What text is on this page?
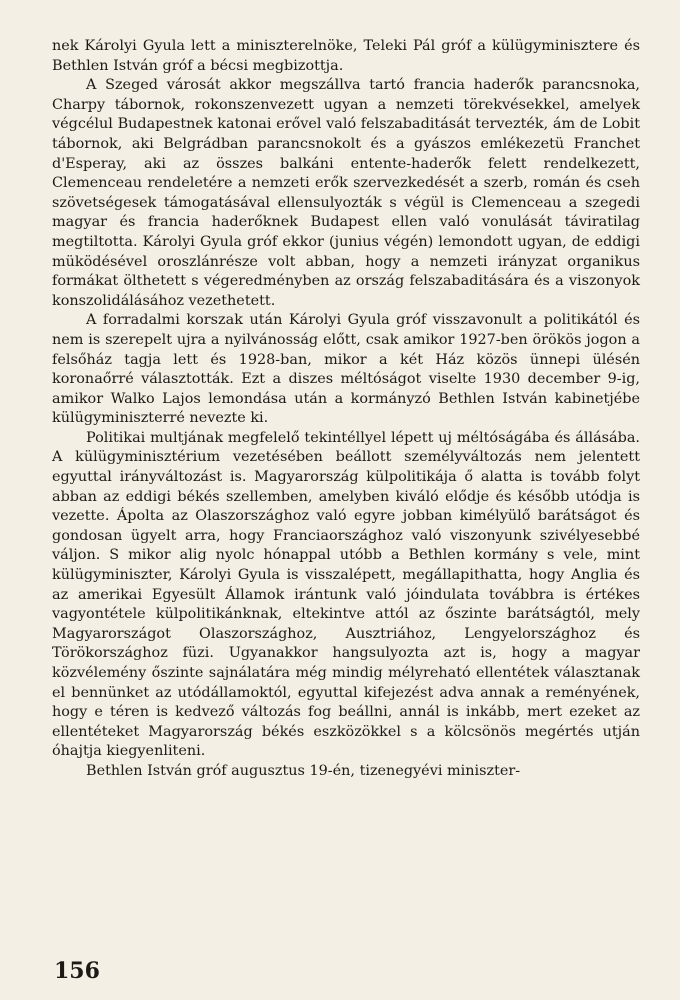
nek Károlyi Gyula lett a miniszterelnöke, Teleki Pál gróf a külügyminisztere és Bethlen István gróf a bécsi megbizottja.

A Szeged városát akkor megszállva tartó francia haderők parancsnoka, Charpy tábornok, rokonszenvezett ugyan a nemzeti törekvésekkel, amelyek végcélul Budapestnek katonai erővel való felszabaditását tervezték, ám de Lobit tábornok, aki Belgrádban parancsnokolt és a gyászos emlékezetü Franchet d'Esperay, aki az összes balkáni entente-haderők felett rendelkezett, Clemenceau rendeletére a nemzeti erők szervezkedését a szerb, román és cseh szövetségesek támogatásával ellensulyozták s végül is Clemenceau a szegedi magyar és francia haderőknek Budapest ellen való vonulását táviratilag megtiltotta. Károlyi Gyula gróf ekkor (junius végén) lemondott ugyan, de eddigi müködésével oroszlánrésze volt abban, hogy a nemzeti irányzat organikus formákat ölthetett s végeredményben az ország felszabaditására és a viszonyok konszolidálásához vezethetett.

A forradalmi korszak után Károlyi Gyula gróf visszavonult a politikától és nem is szerepelt ujra a nyilvánosság előtt, csak amikor 1927-ben örökös jogon a felsőház tagja lett és 1928-ban, mikor a két Ház közös ünnepi ülésén koronaőrré választották. Ezt a diszes méltóságot viselte 1930 december 9-ig, amikor Walko Lajos lemondása után a kormányzó Bethlen István kabinetjébe külügyminiszterré nevezte ki.

Politikai multjának megfelelő tekintéllyel lépett uj méltóságába és állásába. A külügyminisztérium vezetésében beállott személyváltozás nem jelentett egyuttal irányváltozást is. Magyarország külpolitikája ő alatta is tovább folyt abban az eddigi békés szellemben, amelyben kiváló elődje és később utódja is vezette. Ápolta az Olaszországhoz való egyre jobban kimélyülő barátságot és gondosan ügyelt arra, hogy Franciaországhoz való viszonyunk szivélyesebbé váljon. S mikor alig nyolc hónappal utóbb a Bethlen kormány s vele, mint külügyminiszter, Károlyi Gyula is visszalépett, megállapithatta, hogy Anglia és az amerikai Egyesült Államok irántunk való jóindulata továbbra is értékes vagyontétele külpolitikánknak, eltekintve attól az őszinte barátságtól, mely Magyarországot Olaszországhoz, Ausztriához, Lengyelországhoz és Törökországhoz füzi. Ugyanakkor hangsulyozta azt is, hogy a magyar közvélemény őszinte sajnálatára még mindig mélyreható ellentétek választanak el bennünket az utódállamoktól, egyuttal kifejezést adva annak a reményének, hogy e téren is kedvező változás fog beállni, annál is inkább, mert ezeket az ellentéteket Magyarország békés eszközökkel s a kölcsönös megértés utján óhajtja kiegyenliteni.

Bethlen István gróf augusztus 19-én, tizenegyévi miniszter-

156
